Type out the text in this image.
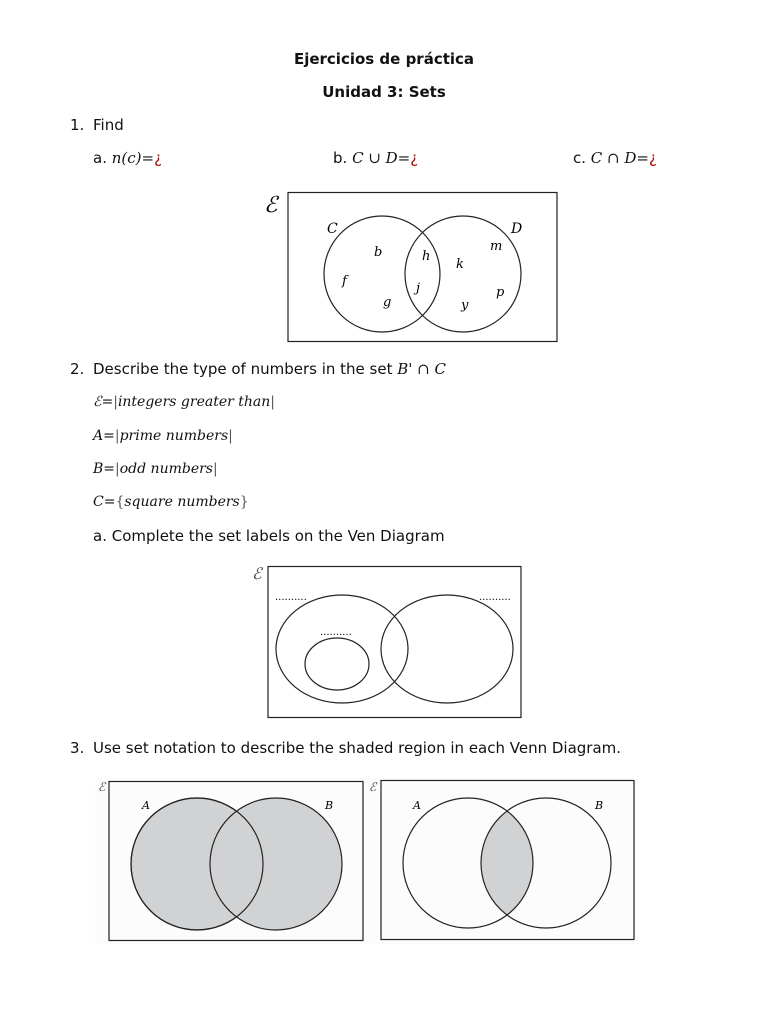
Ejercicios de práctica
Unidad 3: Sets
1. Find
a. n(c)=¿	b. C ∪ D=¿	c. C ∩ D=¿
ℰ
C	D
b
f
g
h
j
k
m
p
y
2. Describe the type of numbers in the set B' ∩ C
ℰ=|integers greater than|
A=|prime numbers|
B=|odd numbers|
C={square numbers}
a. Complete the set labels on the Ven Diagram
ℰ
..........	..........
..........
3. Use set notation to describe the shaded region in each Venn Diagram.
ℰ
A	B
ℰ
A	B
